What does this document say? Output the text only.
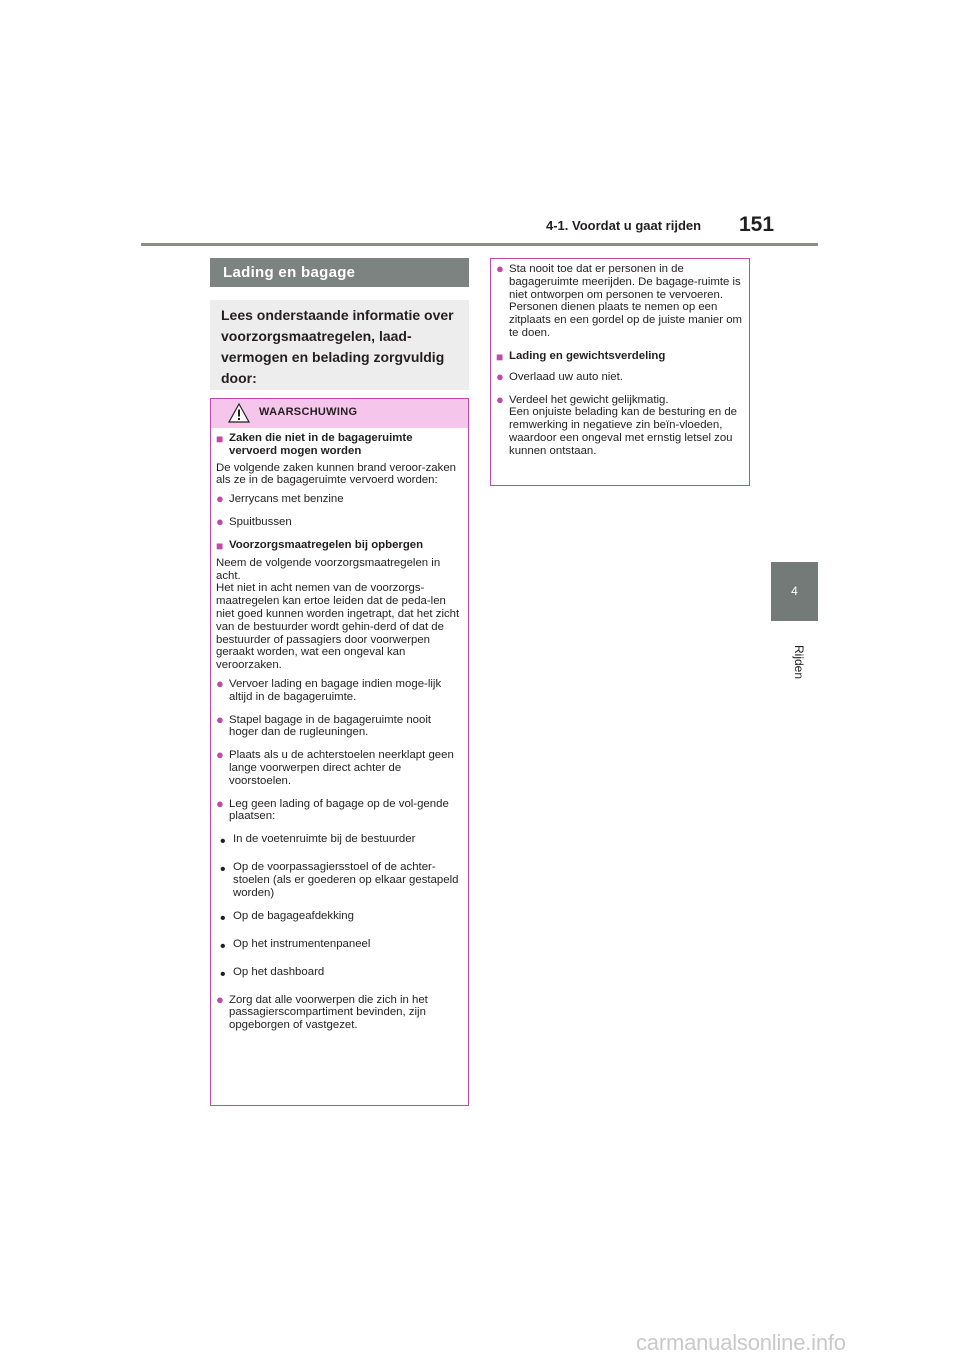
4-1. Voordat u gaat rijden 151
4
Rijden
Lading en bagage
Lees onderstaande informatie over voorzorgsmaatregelen, laad-vermogen en belading zorgvuldig door:
WAARSCHUWING
■ Zaken die niet in de bagageruimte vervoerd mogen worden

De volgende zaken kunnen brand veroor-zaken als ze in de bagageruimte vervoerd worden:

● Jerrycans met benzine

● Spuitbussen

■ Voorzorgsmaatregelen bij opbergen

Neem de volgende voorzorgsmaatregelen in acht.

Het niet in acht nemen van de voorzorgs-maatregelen kan ertoe leiden dat de peda-len niet goed kunnen worden ingetrapt, dat het zicht van de bestuurder wordt gehin-derd of dat de bestuurder of passagiers door voorwerpen geraakt worden, wat een ongeval kan veroorzaken.

● Vervoer lading en bagage indien moge-lijk altijd in de bagageruimte.

● Stapel bagage in de bagageruimte nooit hoger dan de rugleuningen.

● Plaats als u de achterstoelen neerklapt geen lange voorwerpen direct achter de voorstoelen.

● Leg geen lading of bagage op de vol-gende plaatsen:

• In de voetenruimte bij de bestuurder

• Op de voorpassagiersstoel of de achter-stoelen (als er goederen op elkaar gestapeld worden)

• Op de bagageafdekking

• Op het instrumentenpaneel

• Op het dashboard

● Zorg dat alle voorwerpen die zich in het passagierscompartiment bevinden, zijn opgeborgen of vastgezet.

● Sta nooit toe dat er personen in de bagageruimte meerijden. De bagage-ruimte is niet ontworpen om personen te vervoeren. Personen dienen plaats te nemen op een zitplaats en een gordel op de juiste manier om te doen.

■ Lading en gewichtsverdeling

● Overlaad uw auto niet.

● Verdeel het gewicht gelijkmatig.

Een onjuiste belading kan de besturing en de remwerking in negatieve zin beïn-vloeden, waardoor een ongeval met ernstig letsel zou kunnen ontstaan.

carmanualsonline.info
